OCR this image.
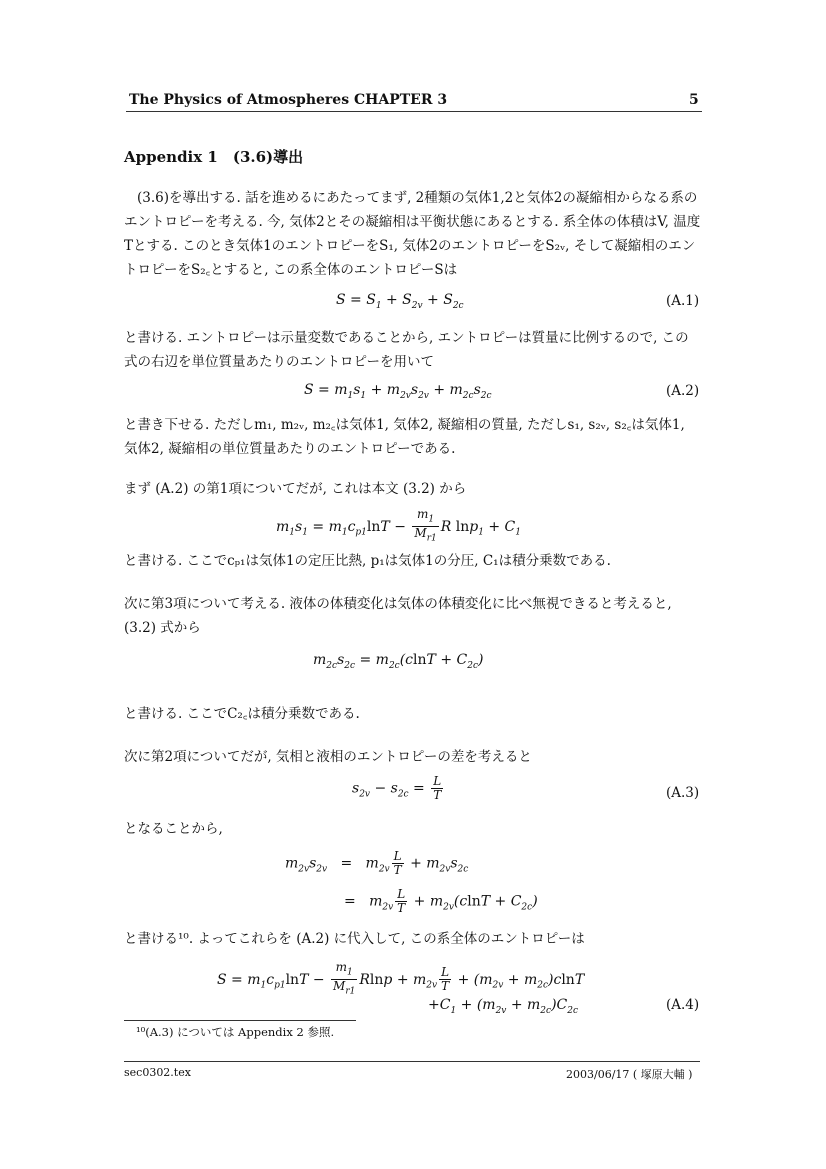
The Physics of Atmospheres CHAPTER 3	5
Appendix 1　(3.6)導出
(3.6)を導出する. 話を進めるにあたってまず, 2種類の気体1,2と気体2の凝縮相からなる系のエントロピーを考える. 今, 気体2とその凝縮相は平衡状態にあるとする. 系全体の体積はV, 温度Tとする. このとき気体1のエントロピーをS₁, 気体2のエントロピーをS₂ᵥ, そして凝縮相のエントロピーをS₂꜀とすると, この系全体のエントロピーSは
$S = S_1 + S_{2v} + S_{2c}$	(A.1)
と書ける. エントロピーは示量変数であることから, エントロピーは質量に比例するので, この式の右辺を単位質量あたりのエントロピーを用いて
$S = m_1s_1 + m_{2v}s_{2v} + m_{2c}s_{2c}$	(A.2)
と書き下せる. ただしm₁, m₂ᵥ, m₂꜀は気体1, 気体2, 凝縮相の質量, ただしs₁, s₂ᵥ, s₂꜀は気体1, 気体2, 凝縮相の単位質量あたりのエントロピーである.
まず (A.2) の第1項についてだが, これは本文 (3.2) から
$m_1s_1 = m_1c_{p1}\ln T - \frac{m_1}{M_{r1}}$ R $\ln p_1 + C_1$
と書ける. ここでcₚ₁は気体1の定圧比熱, p₁は気体1の分圧, C₁は積分乗数である.
次に第3項について考える. 液体の体積変化は気体の体積変化に比べ無視できると考えると, (3.2) 式から
$m_{2c}s_{2c} = m_{2c}(clnT + C_{2c})$
と書ける. ここでC₂꜀は積分乗数である.
次に第2項についてだが, 気相と液相のエントロピーの差を考えると
$s_{2v} - s_{2c} = \frac{L}{T}$	(A.3)
となることから,
$m_{2v}s_{2v} = m_{2v} \frac{L}{T} + m_{2v}s_{2c}$
=   $m_{2v} \frac{L}{T} + m_{2v}(clnT + C_{2c})$
と書ける¹⁰. よってこれらを (A.2) に代入して, この系全体のエントロピーは
$S = m_1c_{p1}\ln T - \frac{m_1}{M_{r1}}$ $Rlnp + m_{2v} \frac{L}{T} + (m_{2v} + m_{2c})clnT$
$+C_1 + (m_{2v} + m_{2c})C_{2c}$	(A.4)
¹⁰(A.3) については Appendix 2 参照.
sec0302.tex	2003/06/17 ( 塚原大輔 )
